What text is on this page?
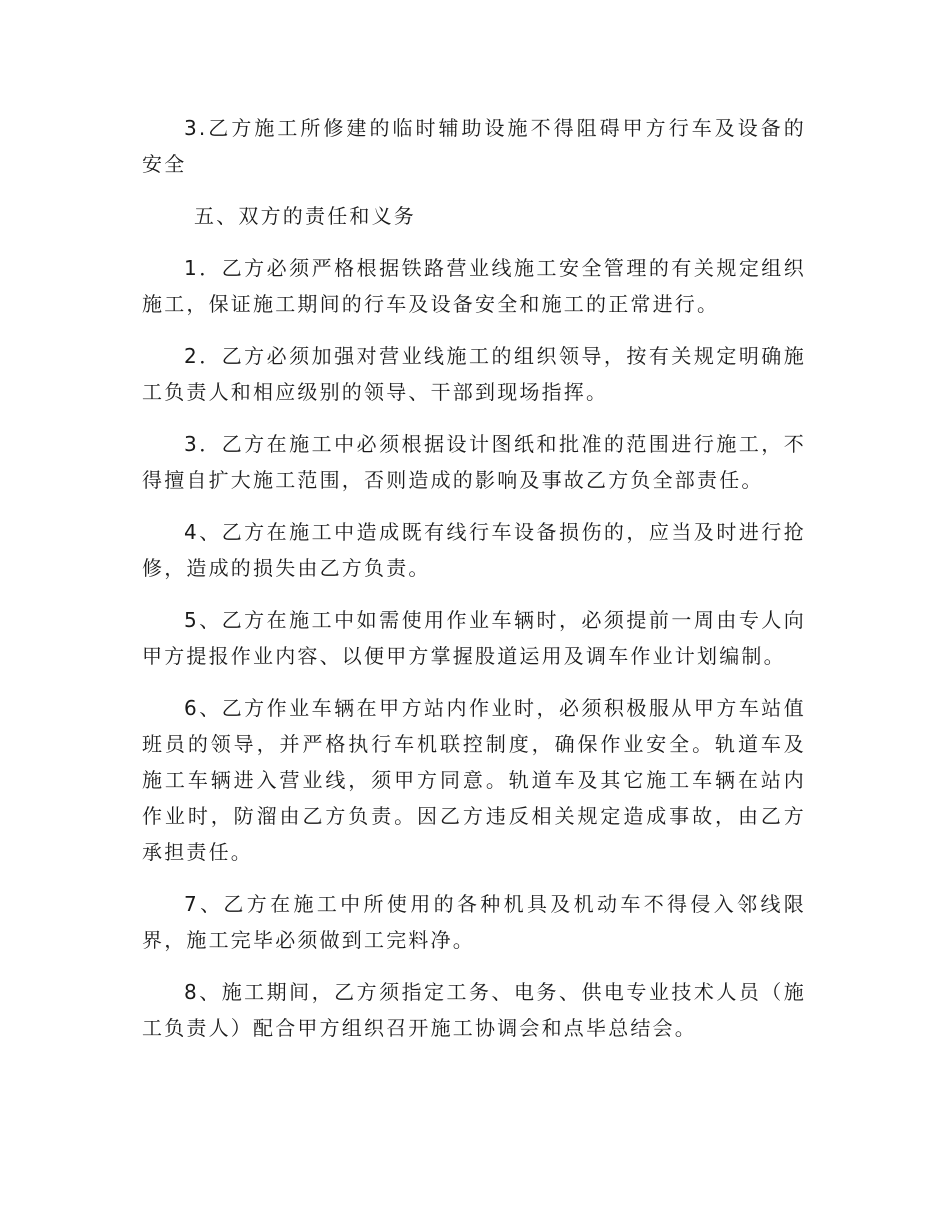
3.乙方施工所修建的临时辅助设施不得阻碍甲方行车及设备的安全

五、双方的责任和义务

1．乙方必须严格根据铁路营业线施工安全管理的有关规定组织施工，保证施工期间的行车及设备安全和施工的正常进行。

2．乙方必须加强对营业线施工的组织领导，按有关规定明确施工负责人和相应级别的领导、干部到现场指挥。

3．乙方在施工中必须根据设计图纸和批准的范围进行施工，不得擅自扩大施工范围，否则造成的影响及事故乙方负全部责任。

4、乙方在施工中造成既有线行车设备损伤的，应当及时进行抢修，造成的损失由乙方负责。

5、乙方在施工中如需使用作业车辆时，必须提前一周由专人向甲方提报作业内容、以便甲方掌握股道运用及调车作业计划编制。

6、乙方作业车辆在甲方站内作业时，必须积极服从甲方车站值班员的领导，并严格执行车机联控制度，确保作业安全。轨道车及施工车辆进入营业线，须甲方同意。轨道车及其它施工车辆在站内作业时，防溜由乙方负责。因乙方违反相关规定造成事故，由乙方承担责任。

7、乙方在施工中所使用的各种机具及机动车不得侵入邻线限界，施工完毕必须做到工完料净。

8、施工期间，乙方须指定工务、电务、供电专业技术人员（施工负责人）配合甲方组织召开施工协调会和点毕总结会。
